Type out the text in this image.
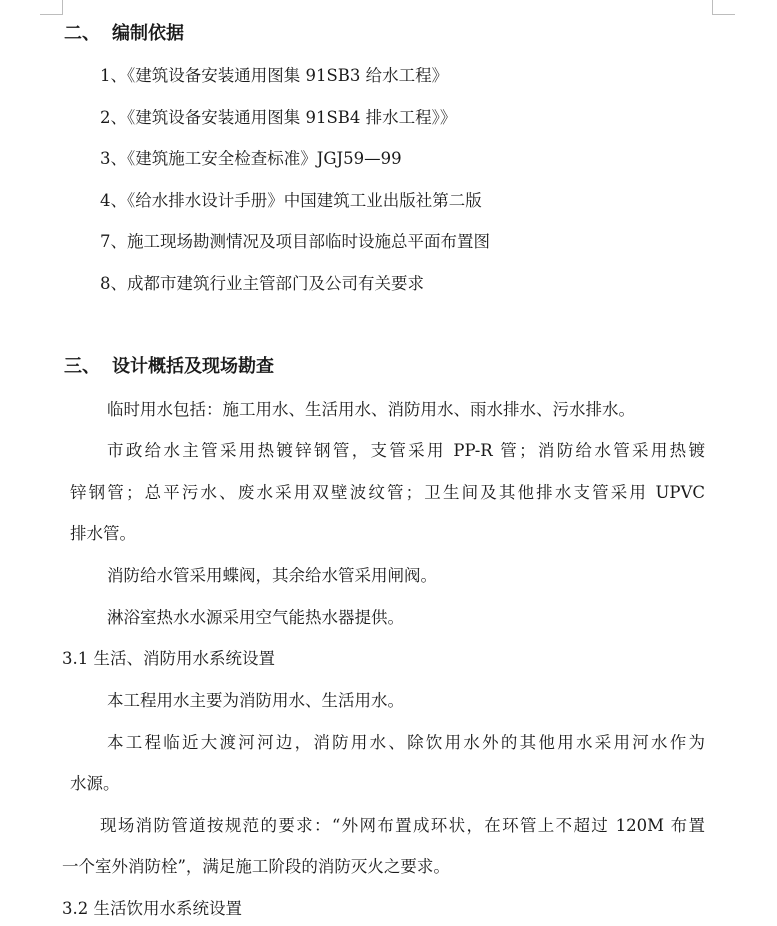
二、 编制依据
1、《建筑设备安装通用图集 91SB3 给水工程》
2、《建筑设备安装通用图集 91SB4 排水工程》》
3、《建筑施工安全检查标准》JGJ59—99
4、《给水排水设计手册》中国建筑工业出版社第二版
7、施工现场勘测情况及项目部临时设施总平面布置图
8、成都市建筑行业主管部门及公司有关要求
三、 设计概括及现场勘查
临时用水包括：施工用水、生活用水、消防用水、雨水排水、污水排水。
市政给水主管采用热镀锌钢管，支管采用 PP-R 管；消防给水管采用热镀
锌钢管；总平污水、废水采用双壁波纹管；卫生间及其他排水支管采用 UPVC
排水管。
消防给水管采用蝶阀，其余给水管采用闸阀。
淋浴室热水水源采用空气能热水器提供。
3.1 生活、消防用水系统设置
本工程用水主要为消防用水、生活用水。
本工程临近大渡河河边，消防用水、除饮用水外的其他用水采用河水作为
水源。
现场消防管道按规范的要求：“外网布置成环状，在环管上不超过 120M 布置
一个室外消防栓”，满足施工阶段的消防灭火之要求。
3.2 生活饮用水系统设置
